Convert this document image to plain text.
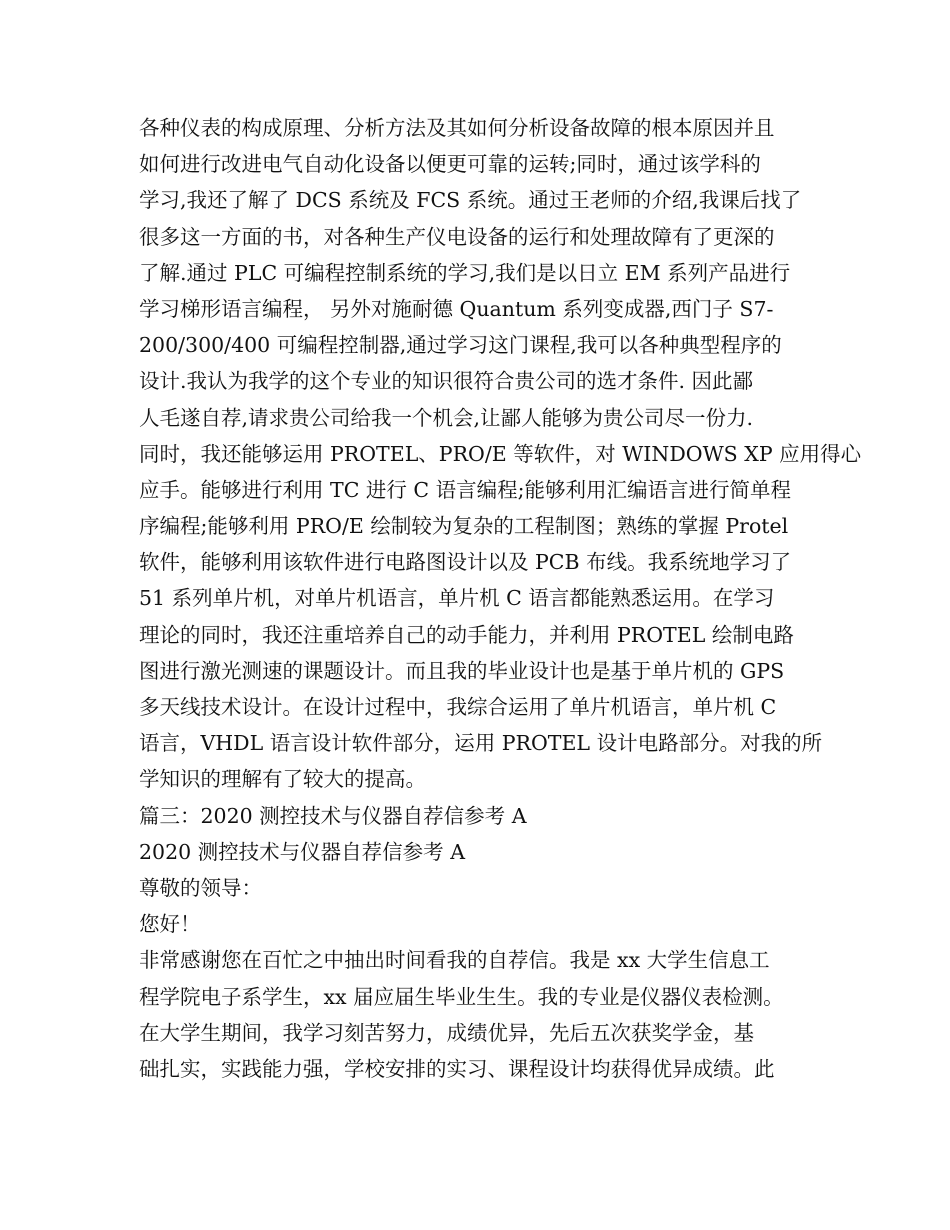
各种仪表的构成原理、分析方法及其如何分析设备故障的根本原因并且
如何进行改进电气自动化设备以便更可靠的运转;同时，通过该学科的
学习,我还了解了 DCS 系统及 FCS 系统。通过王老师的介绍,我课后找了
很多这一方面的书，对各种生产仪电设备的运行和处理故障有了更深的
了解.通过 PLC 可编程控制系统的学习,我们是以日立 EM 系列产品进行
学习梯形语言编程， 另外对施耐德 Quantum 系列变成器,西门子 S7-
200/300/400 可编程控制器,通过学习这门课程,我可以各种典型程序的
设计.我认为我学的这个专业的知识很符合贵公司的选才条件. 因此鄙
人毛遂自荐,请求贵公司给我一个机会,让鄙人能够为贵公司尽一份力.
同时，我还能够运用 PROTEL、PRO/E 等软件，对 WINDOWS XP 应用得心
应手。能够进行利用 TC 进行 C 语言编程;能够利用汇编语言进行简单程
序编程;能够利用 PRO/E 绘制较为复杂的工程制图；熟练的掌握 Protel
软件，能够利用该软件进行电路图设计以及 PCB 布线。我系统地学习了
51 系列单片机，对单片机语言，单片机 C 语言都能熟悉运用。在学习
理论的同时，我还注重培养自己的动手能力，并利用 PROTEL 绘制电路
图进行激光测速的课题设计。而且我的毕业设计也是基于单片机的 GPS
多天线技术设计。在设计过程中，我综合运用了单片机语言，单片机 C
语言，VHDL 语言设计软件部分，运用 PROTEL 设计电路部分。对我的所
学知识的理解有了较大的提高。
篇三：2020 测控技术与仪器自荐信参考 A
2020 测控技术与仪器自荐信参考 A
尊敬的领导：
您好！
非常感谢您在百忙之中抽出时间看我的自荐信。我是 xx 大学生信息工
程学院电子系学生，xx 届应届生毕业生生。我的专业是仪器仪表检测。
在大学生期间，我学习刻苦努力，成绩优异，先后五次获奖学金，基
础扎实，实践能力强，学校安排的实习、课程设计均获得优异成绩。此
